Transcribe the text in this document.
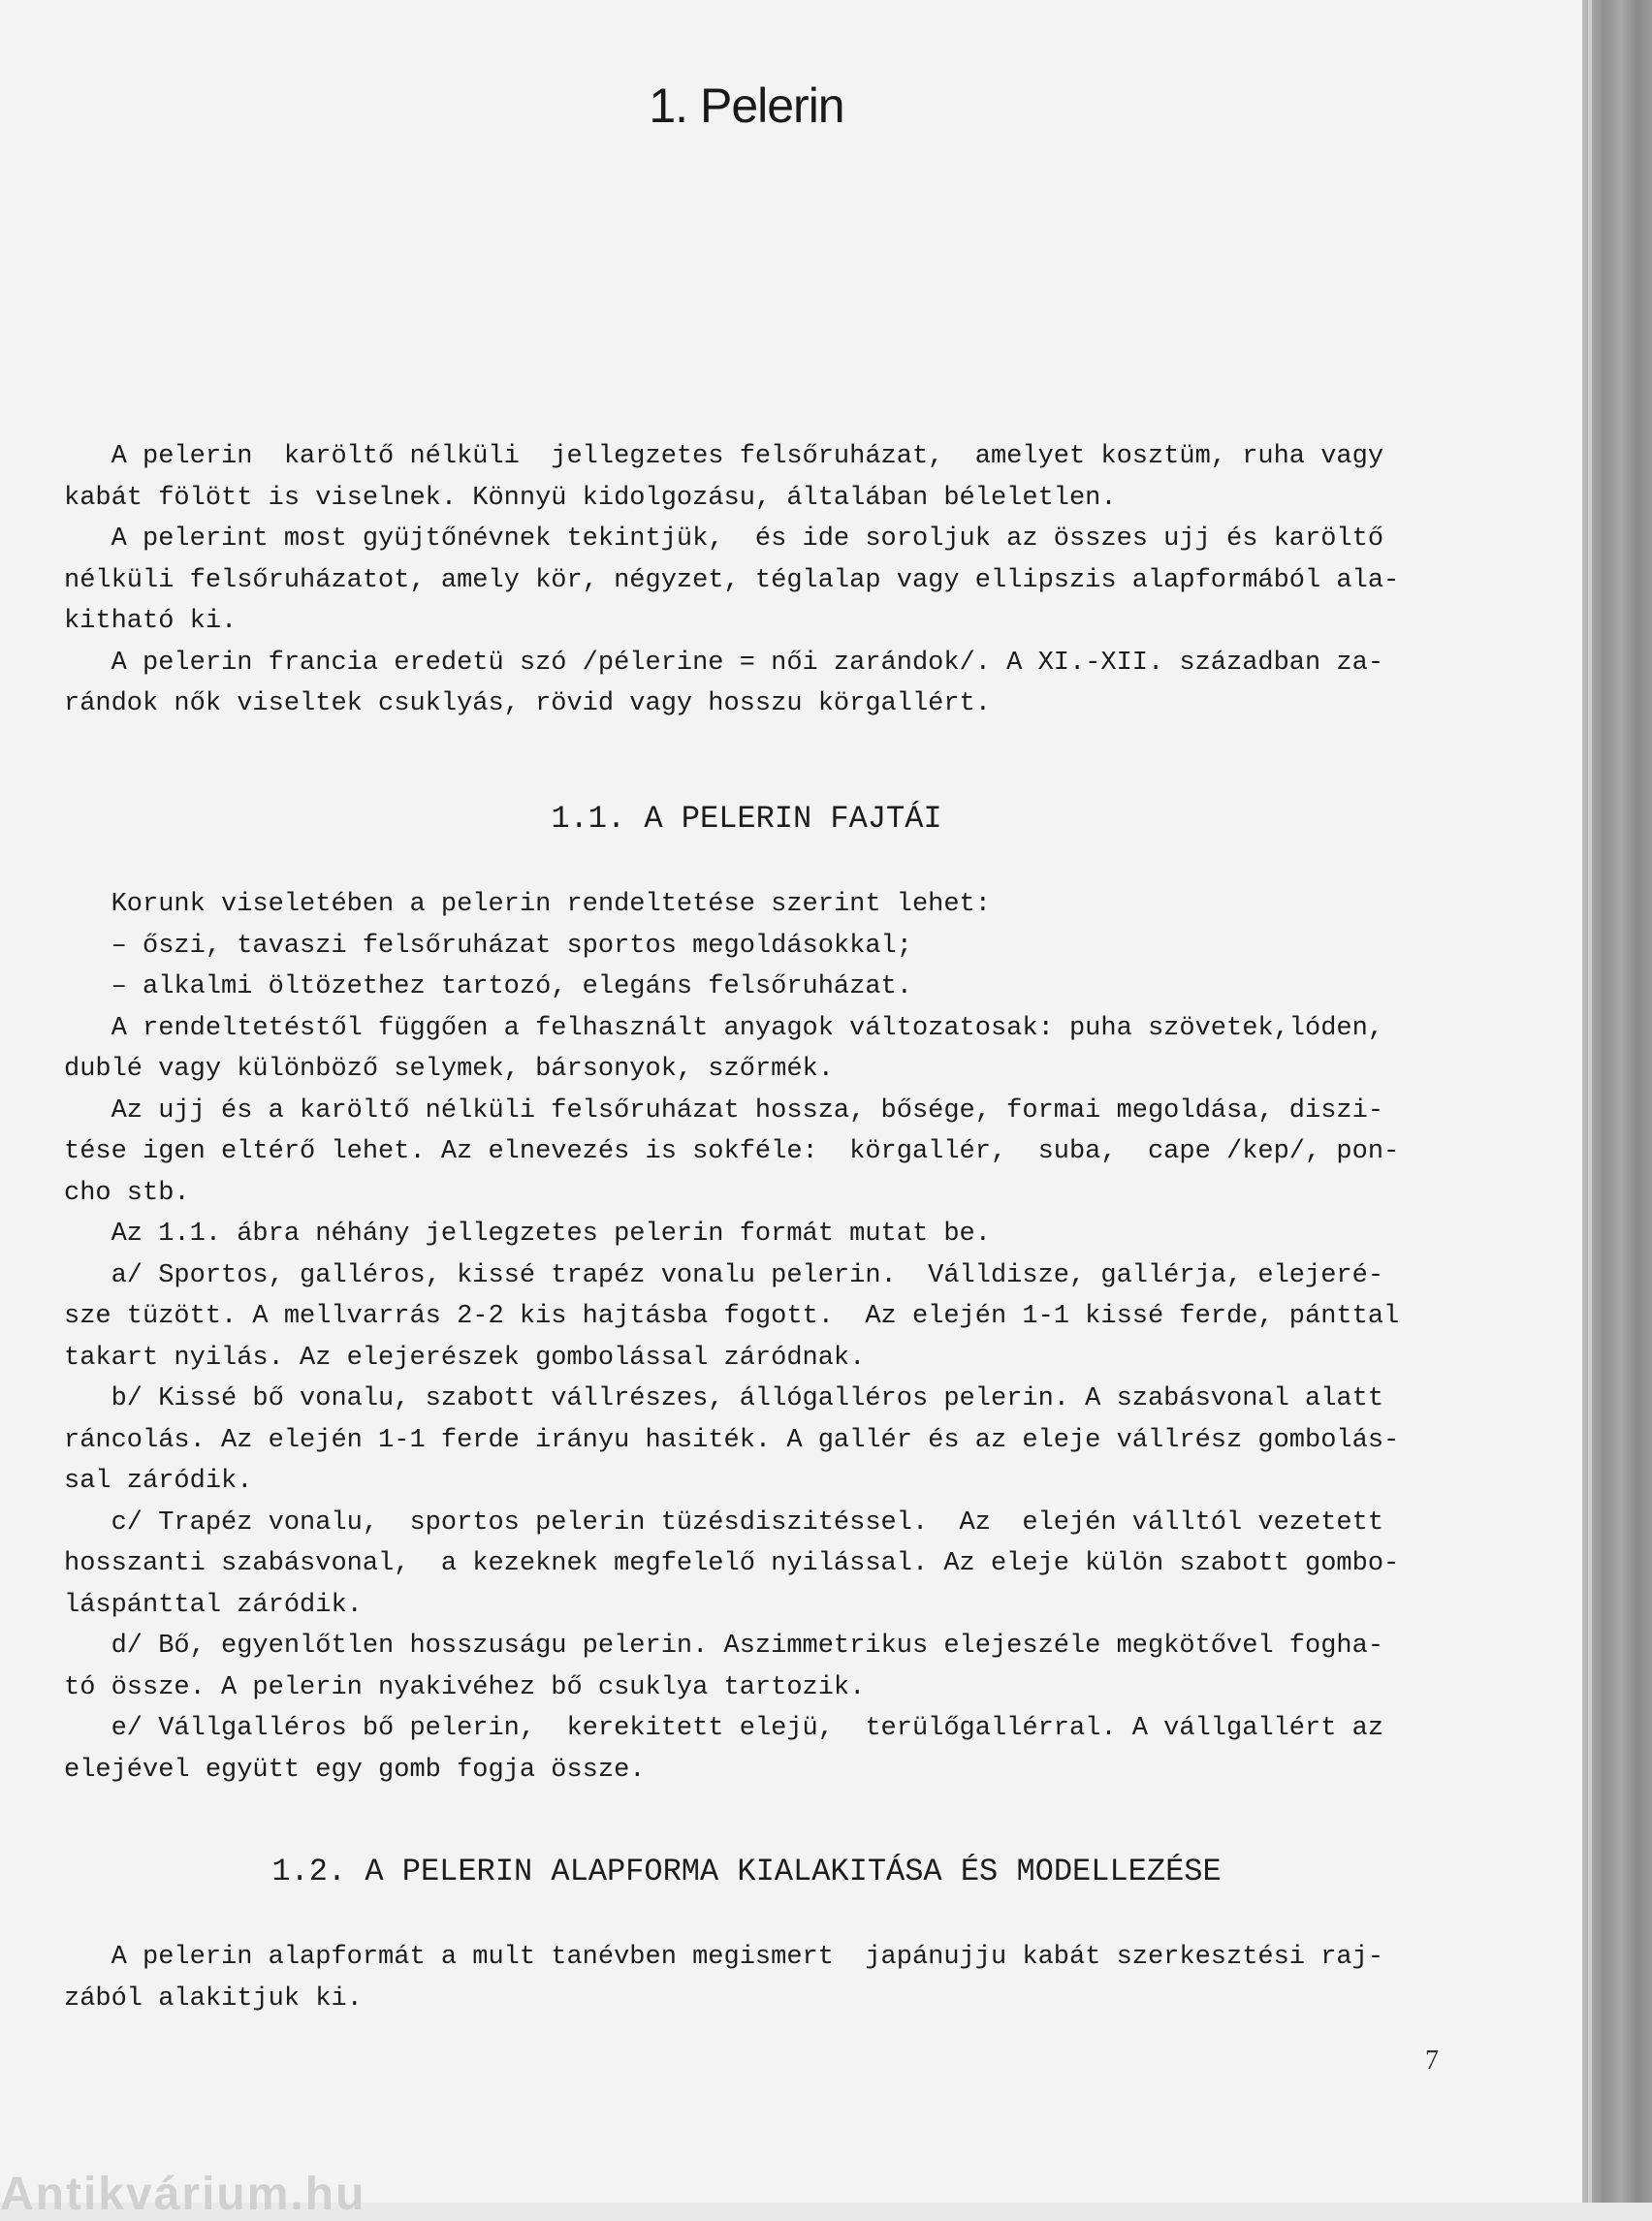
1. Pelerin
A pelerin  karöltő nélküli  jellegzetes felsőruházat,  amelyet kosztüm, ruha vagy
kabát fölött is viselnek. Könnyü kidolgozásu, általában béleletlen.
A pelerint most gyüjtőnévnek tekintjük,  és ide soroljuk az összes ujj és karöltő
nélküli felsőruházatot, amely kör, négyzet, téglalap vagy ellipszis alapformából ala-
kitható ki.
A pelerin francia eredetü szó /pélerine = női zarándok/. A XI.-XII. században za-
rándok nők viseltek csuklyás, rövid vagy hosszu körgallért.
1.1. A PELERIN FAJTÁI
Korunk viseletében a pelerin rendeltetése szerint lehet:
– őszi, tavaszi felsőruházat sportos megoldásokkal;
– alkalmi öltözethez tartozó, elegáns felsőruházat.
A rendeltetéstől függően a felhasznált anyagok változatosak: puha szövetek,lóden,
dublé vagy különböző selymek, bársonyok, szőrmék.
Az ujj és a karöltő nélküli felsőruházat hossza, bősége, formai megoldása, diszi-
tése igen eltérő lehet. Az elnevezés is sokféle:  körgallér,  suba,  cape /kep/, pon-
cho stb.
Az 1.1. ábra néhány jellegzetes pelerin formát mutat be.
a/ Sportos, galléros, kissé trapéz vonalu pelerin.  Válldisze, gallérja, elejeré-
sze tüzött. A mellvarrás 2-2 kis hajtásba fogott.  Az elején 1-1 kissé ferde, pánttal
takart nyilás. Az elejerészek gombolással záródnak.
b/ Kissé bő vonalu, szabott vállrészes, állógalléros pelerin. A szabásvonal alatt
ráncolás. Az elején 1-1 ferde irányu hasiték. A gallér és az eleje vállrész gombolás-
sal záródik.
c/ Trapéz vonalu,  sportos pelerin tüzésdiszitéssel.  Az  elején válltól vezetett
hosszanti szabásvonal,  a kezeknek megfelelő nyilással. Az eleje külön szabott gombo-
láspánttal záródik.
d/ Bő, egyenlőtlen hosszuságu pelerin. Aszimmetrikus elejeszéle megkötővel fogha-
tó össze. A pelerin nyakivéhez bő csuklya tartozik.
e/ Vállgalléros bő pelerin,  kerekitett elejü,  terülőgallérral. A vállgallért az
elejével együtt egy gomb fogja össze.
1.2. A PELERIN ALAPFORMA KIALAKITÁSA ÉS MODELLEZÉSE
A pelerin alapformát a mult tanévben megismert  japánujju kabát szerkesztési raj-
zából alakitjuk ki.
7
Antikvárium.hu
